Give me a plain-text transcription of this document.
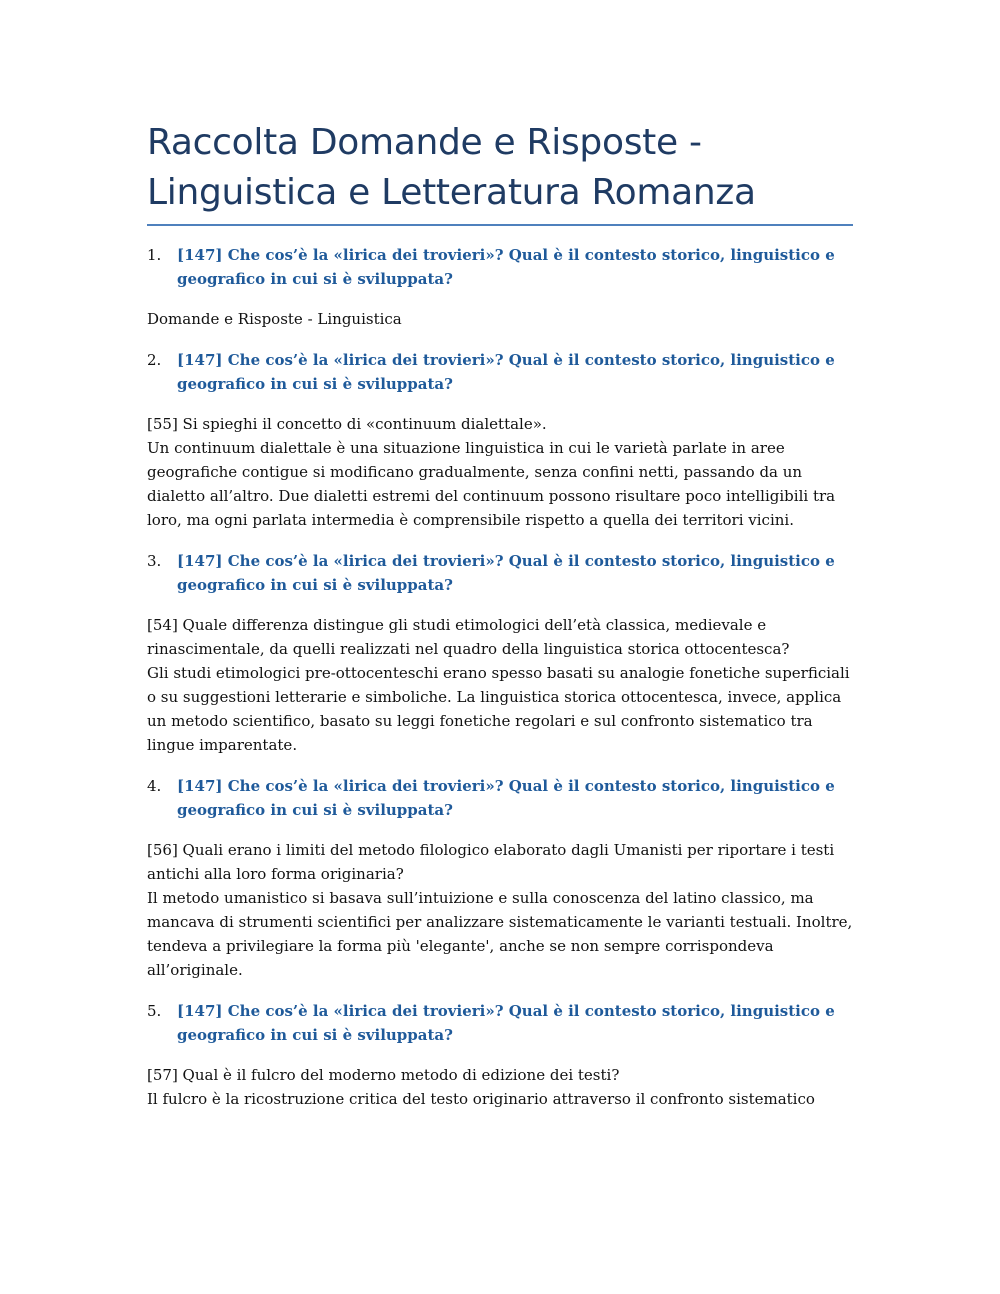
Raccolta Domande e Risposte -
Linguistica e Letteratura Romanza
1.	[147] Che cos’è la «lirica dei trovieri»? Qual è il contesto storico, linguistico e geografico in cui si è sviluppata?
Domande e Risposte - Linguistica
2.	[147] Che cos’è la «lirica dei trovieri»? Qual è il contesto storico, linguistico e geografico in cui si è sviluppata?
[55] Si spieghi il concetto di «continuum dialettale».
Un continuum dialettale è una situazione linguistica in cui le varietà parlate in aree geografiche contigue si modificano gradualmente, senza confini netti, passando da un dialetto all’altro. Due dialetti estremi del continuum possono risultare poco intelligibili tra loro, ma ogni parlata intermedia è comprensibile rispetto a quella dei territori vicini.
3.	[147] Che cos’è la «lirica dei trovieri»? Qual è il contesto storico, linguistico e geografico in cui si è sviluppata?
[54] Quale differenza distingue gli studi etimologici dell’età classica, medievale e rinascimentale, da quelli realizzati nel quadro della linguistica storica ottocentesca?
Gli studi etimologici pre-ottocenteschi erano spesso basati su analogie fonetiche superficiali o su suggestioni letterarie e simboliche. La linguistica storica ottocentesca, invece, applica un metodo scientifico, basato su leggi fonetiche regolari e sul confronto sistematico tra lingue imparentate.
4.	[147] Che cos’è la «lirica dei trovieri»? Qual è il contesto storico, linguistico e geografico in cui si è sviluppata?
[56] Quali erano i limiti del metodo filologico elaborato dagli Umanisti per riportare i testi antichi alla loro forma originaria?
Il metodo umanistico si basava sull’intuizione e sulla conoscenza del latino classico, ma mancava di strumenti scientifici per analizzare sistematicamente le varianti testuali. Inoltre, tendeva a privilegiare la forma più 'elegante', anche se non sempre corrispondeva all’originale.
5.	[147] Che cos’è la «lirica dei trovieri»? Qual è il contesto storico, linguistico e geografico in cui si è sviluppata?
[57] Qual è il fulcro del moderno metodo di edizione dei testi?
Il fulcro è la ricostruzione critica del testo originario attraverso il confronto sistematico
